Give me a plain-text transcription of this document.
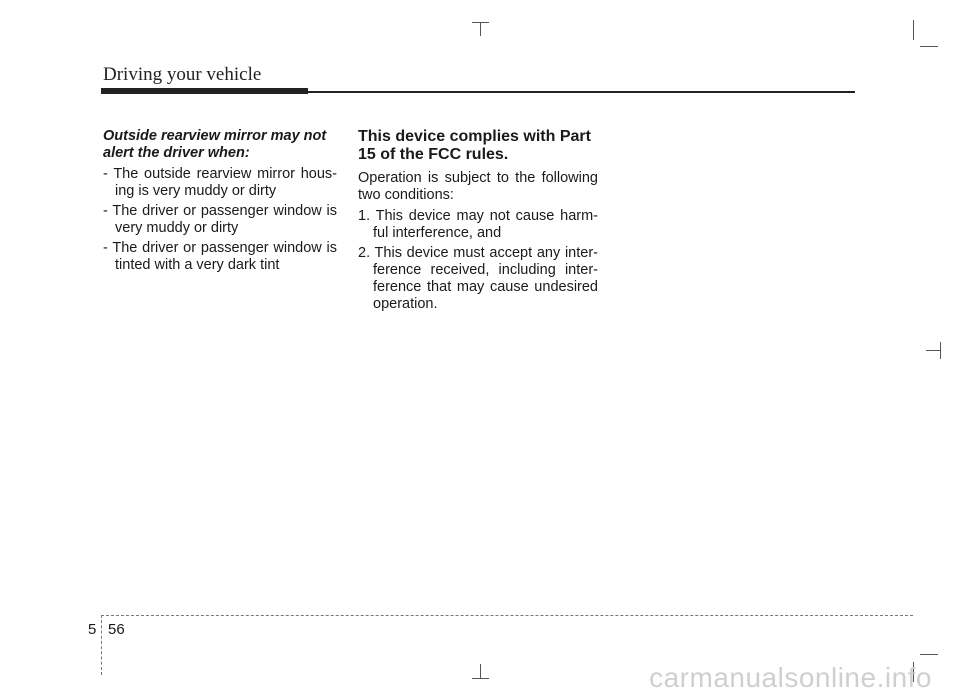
Driving your vehicle

Outside rearview mirror may not alert the driver when:

- The outside rearview mirror hous-ing is very muddy or dirty
- The driver or passenger window is very muddy or dirty
- The driver or passenger window is tinted with a very dark tint

This device complies with Part 15 of the FCC rules.

Operation is subject to the following two conditions:

1. This device may not cause harm-ful interference, and
2. This device must accept any inter-ference received, including inter-ference that may cause undesired operation.
5 56
carmanualsonline.info
